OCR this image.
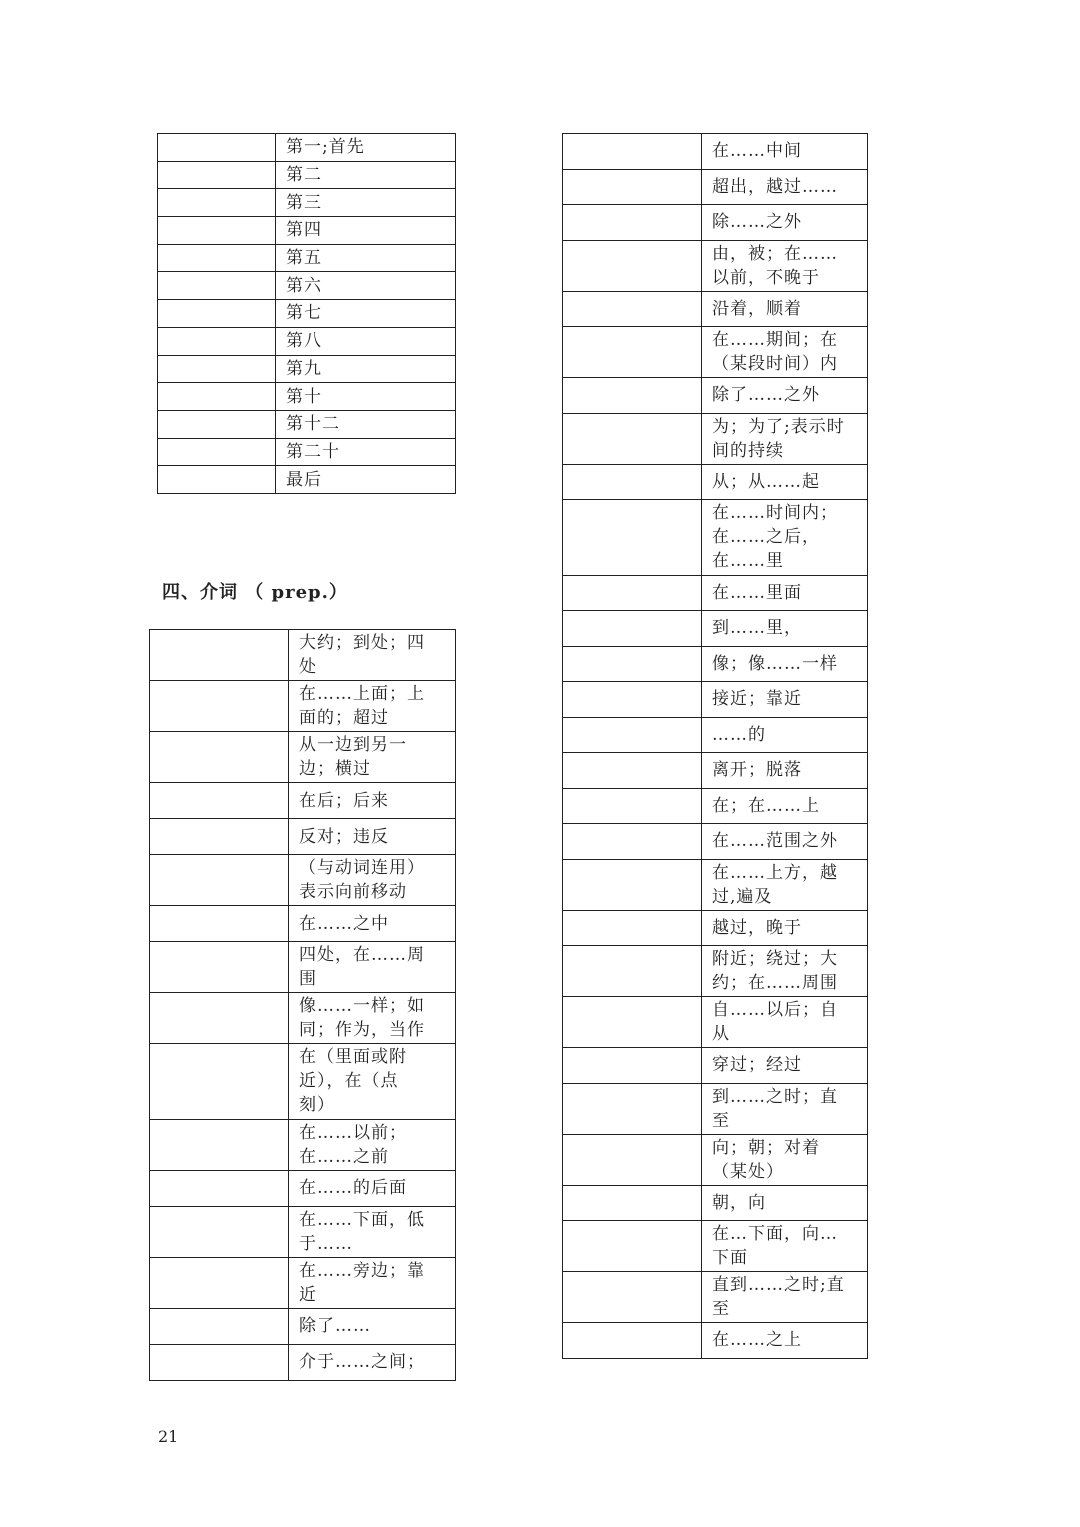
	第一;首先
	第二
	第三
	第四
	第五
	第六
	第七
	第八
	第九
	第十
	第十二
	第二十
	最后
四、介词 （ prep.）
	大约；到处；四
处
	在……上面；上
面的；超过
	从一边到另一
边；横过
	在后；后来
	反对；违反
	（与动词连用）
表示向前移动
	在……之中
	四处，在……周
围
	像……一样；如
同；作为，当作
	在（里面或附
近），在（点
刻）
	在……以前；
在……之前
	在……的后面
	在……下面，低
于……
	在……旁边；靠
近
	除了……
	介于……之间；
	在……中间
	超出，越过……
	除……之外
	由，被；在……
以前，不晚于
	沿着，顺着
	在……期间；在
（某段时间）内
	除了……之外
	为；为了;表示时
间的持续
	从；从……起
	在……时间内；
在……之后，
在……里
	在……里面
	到……里，
	像；像……一样
	接近；靠近
	……的
	离开；脱落
	在；在……上
	在……范围之外
	在……上方，越
过,遍及
	越过，晚于
	附近；绕过；大
约；在……周围
	自……以后；自
从
	穿过；经过
	到……之时；直
至
	向；朝；对着
（某处）
	朝，向
	在…下面，向…
下面
	直到……之时;直
至
	在……之上
21
